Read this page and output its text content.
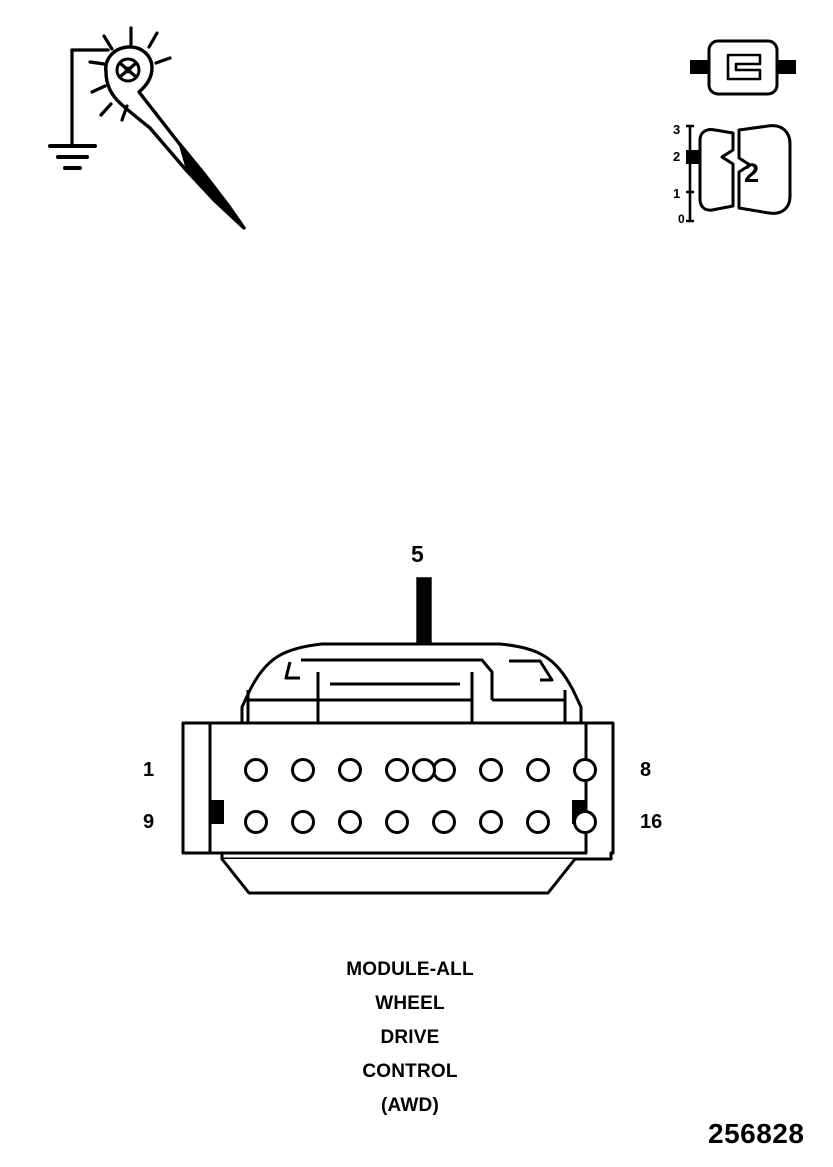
5
2
3
2
1
0
1
9
8
16
MODULE-ALL
WHEEL
DRIVE
CONTROL
(AWD)
256828
